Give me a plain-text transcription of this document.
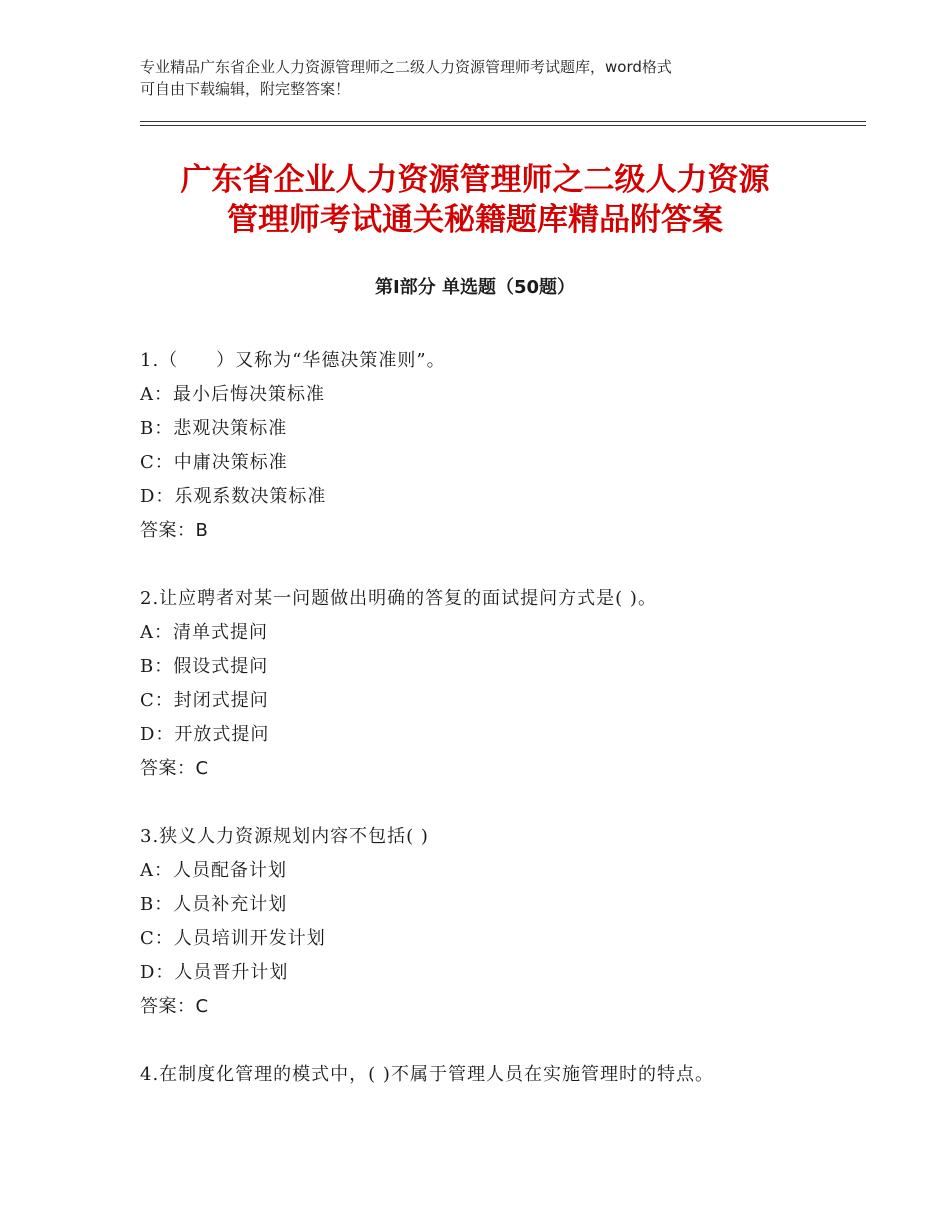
专业精品广东省企业人力资源管理师之二级人力资源管理师考试题库，word格式
可自由下载编辑，附完整答案！
广东省企业人力资源管理师之二级人力资源
管理师考试通关秘籍题库精品附答案
第Ⅰ部分 单选题（50题）
1.（　　）又称为“华德决策准则”。
A：最小后悔决策标准
B：悲观决策标准
C：中庸决策标准
D：乐观系数决策标准
答案：B
2.让应聘者对某一问题做出明确的答复的面试提问方式是( )。
A：清单式提问
B：假设式提问
C：封闭式提问
D：开放式提问
答案：C
3.狭义人力资源规划内容不包括( )
A：人员配备计划
B：人员补充计划
C：人员培训开发计划
D：人员晋升计划
答案：C
4.在制度化管理的模式中，( )不属于管理人员在实施管理时的特点。
